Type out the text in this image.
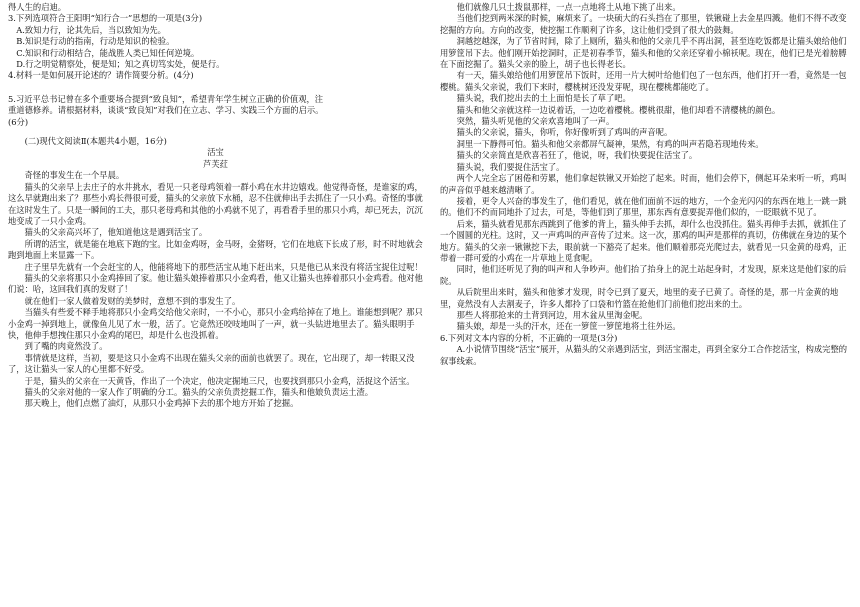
得人生的启迪。

3.下列选项符合王阳明“知行合一”思想的一项是(3分)

A.致知力行，论其先后，当以致知为先。

B.知识是行动的指南，行动是知识的检验。

C.知识和行动相结合，能战胜人类已知任何逆境。

D.行之明觉精察处，便是知；知之真切笃实处，便是行。

4.材料一是如何展开论述的？请作简要分析。(4分)

5.习近平总书记曾在多个重要场合提到“致良知”，希望青年学生树立正确的价值观，注

重道德修养。请根据材料，谈谈“致良知”对我们在立志、学习、实践三个方面的启示。

(6分)

(二)现代文阅读Ⅱ(本题共4小题，16分)

活宝

芦芙荭

奇怪的事发生在一个早晨。

猫头的父亲早上去庄子的水井挑水，看见一只老母鸡领着一群小鸡在水井边嬉戏。他觉得奇怪，是谁家的鸡，这么早就跑出来了？那些小鸡长得很可爱，猫头的父亲放下水桶，忍不住就伸出手去抓住了一只小鸡。奇怪的事就在这时发生了。只是一瞬间的工夫，那只老母鸡和其他的小鸡就不见了，再看看手里的那只小鸡，却已死去，沉沉地变成了一只小金鸡。

猫头的父亲高兴坏了，他知道他这是遇到活宝了。

所谓的活宝，就是能在地底下跑的宝。比如金鸡呀，金马呀，金猪呀，它们在地底下长成了形，时不时地就会跑到地面上来显露一下。

庄子里早先就有一个会赶宝的人，他能将地下的那些活宝从地下赶出来，只是他已从来没有将活宝捉住过呢！

猫头的父亲将那只小金鸡捧回了家。他让猫头娘捧着那只小金鸡看，他又让猫头也捧着那只小金鸡看。他对他们说：哈，这回我们真的发财了！

就在他们一家人做着发财的美梦时，意想不到的事发生了。

当猫头有些爱不释手地将那只小金鸡交给他父亲时，一不小心，那只小金鸡给掉在了地上。谁能想到呢？那只小金鸡一掉到地上，就像鱼儿见了水一般，活了。它竟然还咬吱地叫了一声，就一头钻进地里去了。猫头眼明手快，他伸手想拽住那只小金鸡的尾巴，却是什么也没抓着。

到了嘴的肉竟然没了。

事情就是这样，当初，要是这只小金鸡不出现在猫头父亲的面前也就罢了。现在，它出现了，却一转眼又没了，这让猫头一家人的心里都不好受。

于是，猫头的父亲在一天黄昏，作出了一个决定，他决定掘地三尺，也要找到那只小金鸡，活捉这个活宝。

猫头的父亲对他的一家人作了明确的分工。猫头的父亲负责挖掘工作，猫头和他娘负责运土渣。

那天晚上，他们点燃了油灯，从那只小金鸡掉下去的那个地方开始了挖掘。

他们就像几只土拨鼠那样，一点一点地将土从地下挑了出来。

当他们挖到两米深的时候，麻烦来了。一块硕大的石头挡在了那里，铁锹碰上去金星四溅。他们不得不改变挖掘的方向。方向的改变，使挖掘工作顺利了许多，这让他们受到了很大的鼓舞。

洞越挖越深，为了节省时间，除了上厕所，猫头和他的父亲几乎不再出洞，甚至连吃饭都是让猫头娘给他们用箩筐吊下去。他们刚开始挖洞时，正是初春季节，猫头和他的父亲还穿着小棉袄呢。现在，他们已是光着膀膊在下面挖掘了。猫头父亲的脸上，胡子也长得老长。

有一天，猫头娘给他们用箩筐吊下饭时，还用一片大树叶给他们包了一包东西，他们打开一看，竟然是一包樱桃。猫头父亲说，我们下来时，樱桃树还没发芽呢，现在樱桃都能吃了。

猫头说，我们挖出去的土上面怕是长了草了吧。

猫头和他父亲就这样一边说着话，一边吃着樱桃。樱桃很甜，他们却看不清樱桃的颜色。

突然，猫头听见他的父亲欢喜地叫了一声。

猫头的父亲说，猫头，你听，你好像听到了鸡叫的声音呢。

洞里一下静得可怕。猫头和他父亲都屏气凝神，果然，有鸡的叫声若隐若现地传来。

猫头的父亲简直是欣喜若狂了，他说，呀，我们快要捉住活宝了。

猫头说，我们要捉住活宝了。

两个人完全忘了困倦和劳累，他们拿起铁锹又开始挖了起来。时而，他们会停下，侧起耳朵来听一听，鸡叫的声音似乎越来越清晰了。

接着，更令人兴奋的事发生了，他们看见，就在他们面前不远的地方，一个金光闪闪的东西在地上一跳一跳的。他们不约而同地扑了过去，可是，等他们到了那里，那东西有意要捉弄他们似的，一眨眼就不见了。

后来，猫头就看见那东西跳到了他爹的背上，猫头伸手去抓，却什么也没抓住。猫头再伸手去抓，就抓住了一个圆圆的光柱。这时，又一声鸡叫的声音传了过来。这一次，那鸡的叫声是那样的真切，仿佛就在身边的某个地方。猫头的父亲一锹锹挖下去，眼前就一下豁亮了起来。他们顺着那亮光爬过去，就看见一只金黄的母鸡，正带着一群可爱的小鸡在一片草地上觅食呢。

同时，他们还听见了狗的叫声和人争吵声。他们抬了抬身上的泥土站起身时，才发现，原来这是他们家的后院。

从后院里出来时，猫头和他爹才发现，时令已到了夏天，地里的麦子已黄了。奇怪的是，那一片金黄的地里，竟然没有人去割麦子，许多人都拎了口袋和竹篮在抢他们门前他们挖出来的土。

那些人将那抢来的土背到河边，用木盆从里淘金呢。

猫头娘，却是一头的汗水，还在一箩筐一箩筐地将土往外运。

6.下列对文本内容的分析，不正确的一项是(3分)

A.小说情节围绕“活宝”展开，从猫头的父亲遇到活宝，到活宝溜走，再到全家分工合作挖活宝，构成完整的叙事线索。
